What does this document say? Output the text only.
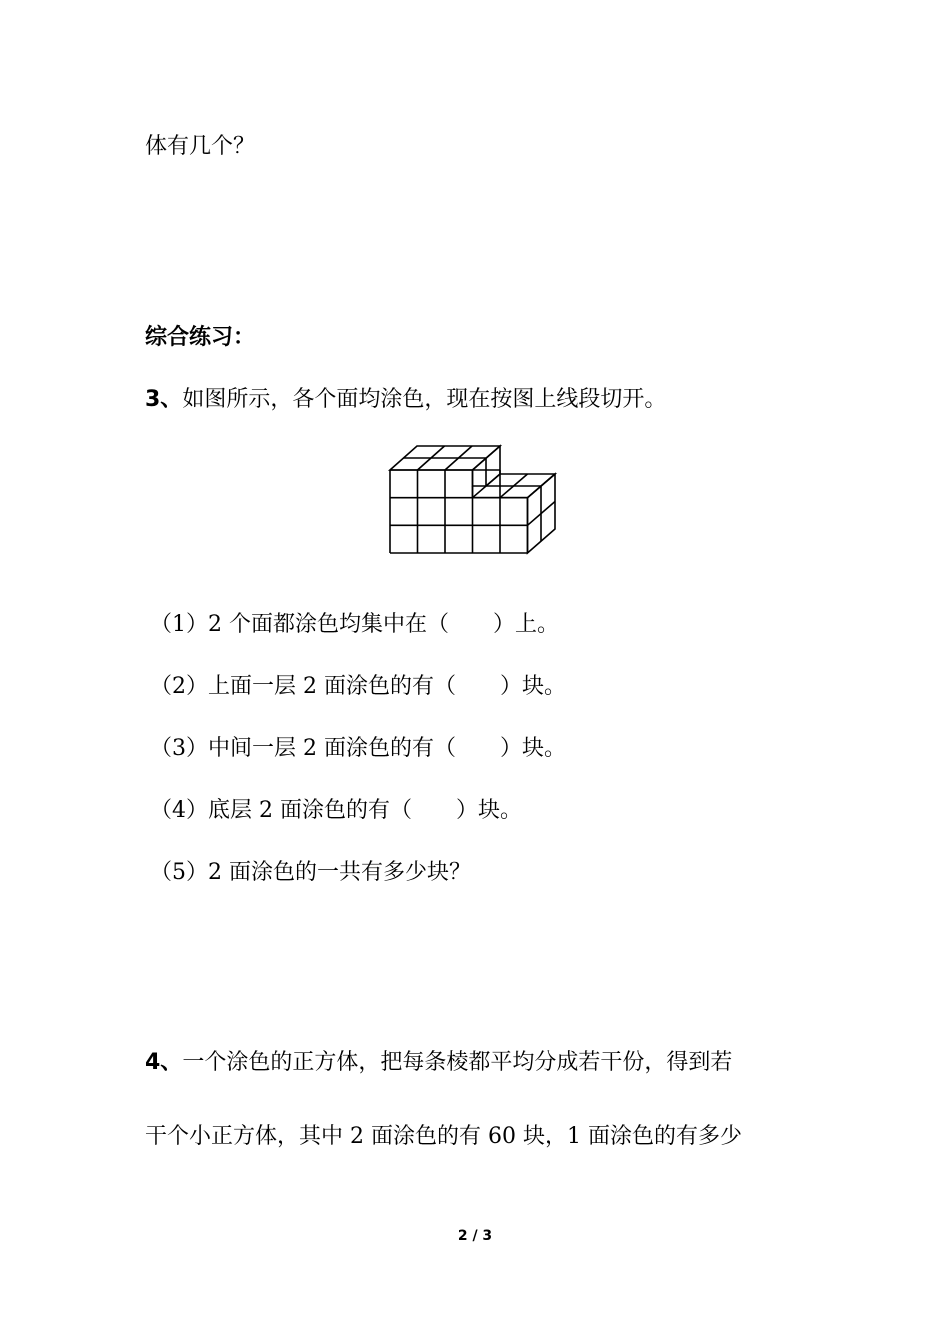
体有几个？
综合练习：
3、如图所示，各个面均涂色，现在按图上线段切开。
（1）2 个面都涂色均集中在（　　）上。
（2）上面一层 2 面涂色的有（　　）块。
（3）中间一层 2 面涂色的有（　　）块。
（4）底层 2 面涂色的有（　　）块。
（5）2 面涂色的一共有多少块？
4、一个涂色的正方体，把每条棱都平均分成若干份，得到若
干个小正方体，其中 2 面涂色的有 60 块，1 面涂色的有多少
2 / 3
